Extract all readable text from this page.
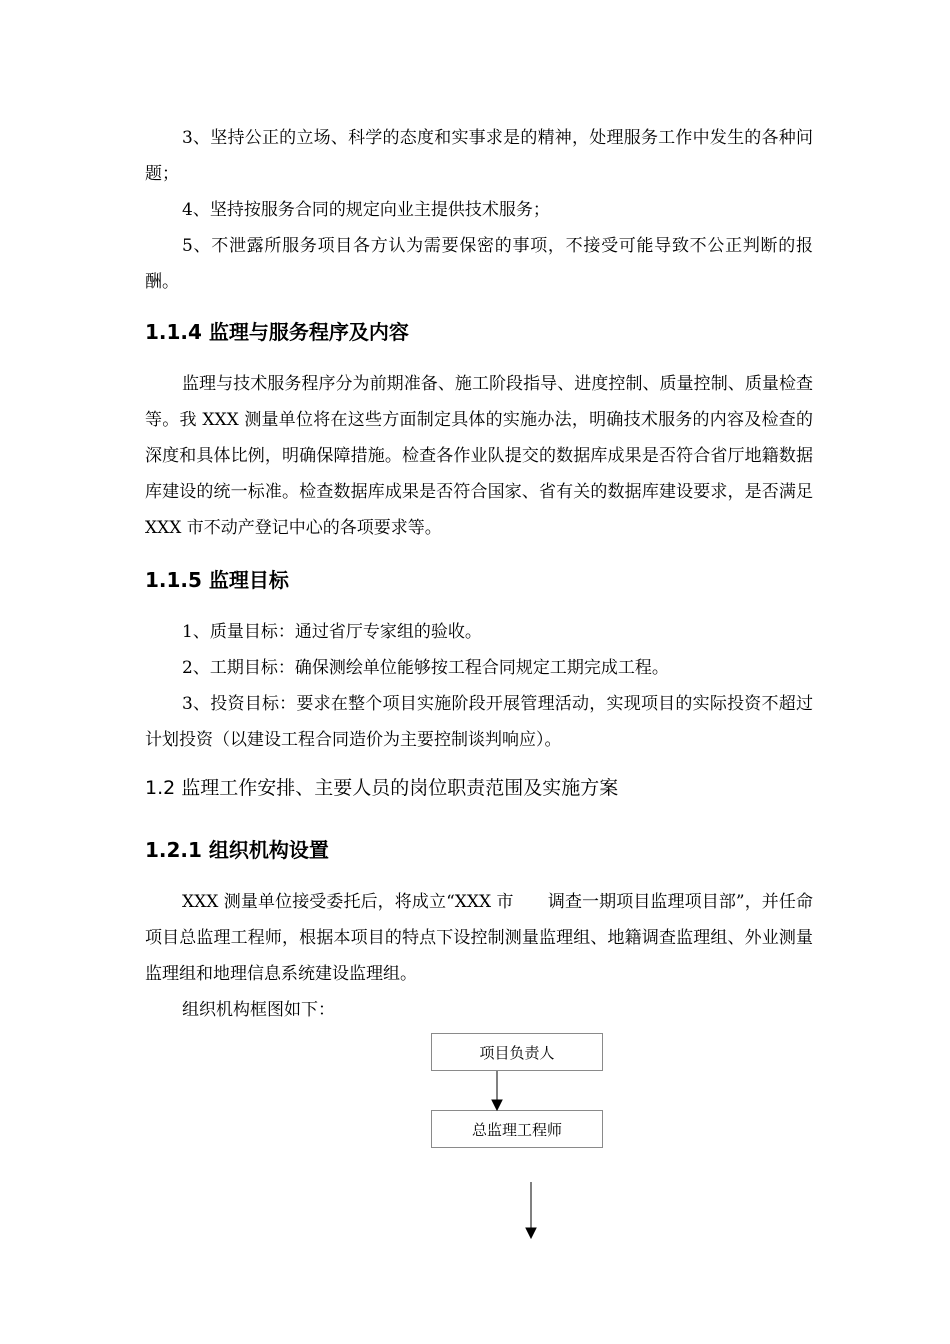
3、坚持公正的立场、科学的态度和实事求是的精神，处理服务工作中发生的各种问题；

4、坚持按服务合同的规定向业主提供技术服务；

5、不泄露所服务项目各方认为需要保密的事项，不接受可能导致不公正判断的报酬。

1.1.4 监理与服务程序及内容

监理与技术服务程序分为前期准备、施工阶段指导、进度控制、质量控制、质量检查等。我 XXX 测量单位将在这些方面制定具体的实施办法，明确技术服务的内容及检查的深度和具体比例，明确保障措施。检查各作业队提交的数据库成果是否符合省厅地籍数据库建设的统一标准。检查数据库成果是否符合国家、省有关的数据库建设要求，是否满足 XXX 市不动产登记中心的各项要求等。

1.1.5 监理目标

1、质量目标：通过省厅专家组的验收。

2、工期目标：确保测绘单位能够按工程合同规定工期完成工程。

3、投资目标：要求在整个项目实施阶段开展管理活动，实现项目的实际投资不超过计划投资（以建设工程合同造价为主要控制谈判响应）。

1.2 监理工作安排、主要人员的岗位职责范围及实施方案
1.2.1 组织机构设置

XXX 测量单位接受委托后，将成立“XXX 市　　调查一期项目监理项目部”，并任命项目总监理工程师，根据本项目的特点下设控制测量监理组、地籍调查监理组、外业测量监理组和地理信息系统建设监理组。

组织机构框图如下：

项目负责人
总监理工程师
